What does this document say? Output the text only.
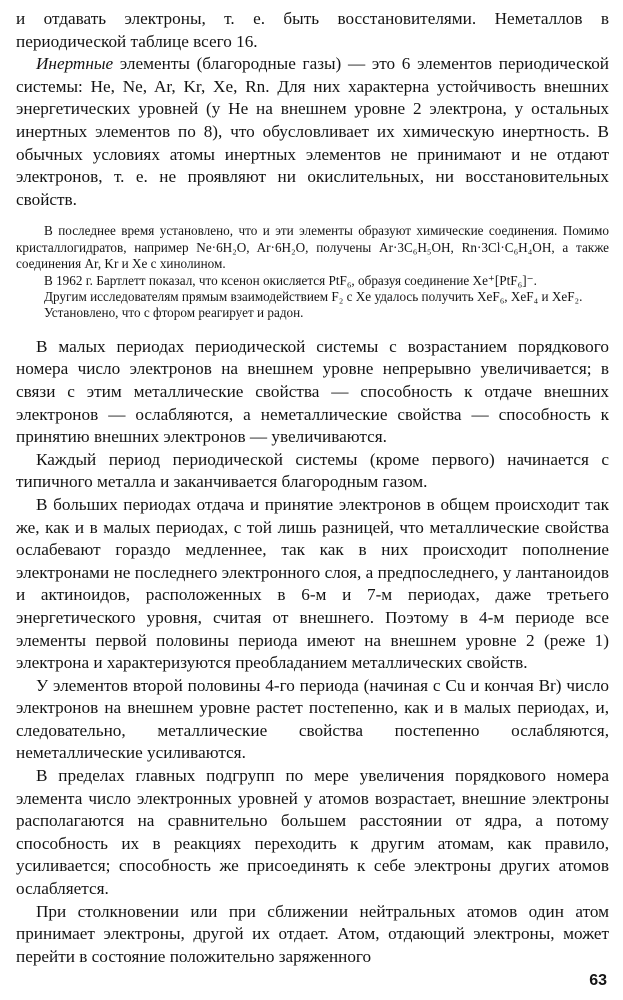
и отдавать электроны, т. е. быть восстановителями. Неметаллов в периодической таблице всего 16.

Инертные элементы (благородные газы) — это 6 элементов периодической системы: He, Ne, Ar, Kr, Xe, Rn. Для них характерна устойчивость внешних энергетических уровней (у He на внешнем уровне 2 электрона, у остальных инертных элементов по 8), что обусловливает их химическую инертность. В обычных условиях атомы инертных элементов не принимают и не отдают электронов, т. е. не проявляют ни окислительных, ни восстановительных свойств.

В последнее время установлено, что и эти элементы образуют химические соединения. Помимо кристаллогидратов, например Ne·6H₂O, Ar·6H₂O, получены Ar·3C₆H₅OH, Rn·3Cl·C₆H₄OH, а также соединения Ar, Kr и Xe с хинолином.

В 1962 г. Бартлетт показал, что ксенон окисляется PtF₆, образуя соединение Xe⁺[PtF₆]⁻.

Другим исследователям прямым взаимодействием F₂ с Xe удалось получить XeF₆, XeF₄ и XeF₂.

Установлено, что с фтором реагирует и радон.

В малых периодах периодической системы с возрастанием порядкового номера число электронов на внешнем уровне непрерывно увеличивается; в связи с этим металлические свойства — способность к отдаче внешних электронов — ослабляются, а неметаллические свойства — способность к принятию внешних электронов — увеличиваются.

Каждый период периодической системы (кроме первого) начинается с типичного металла и заканчивается благородным газом.

В больших периодах отдача и принятие электронов в общем происходит так же, как и в малых периодах, с той лишь разницей, что металлические свойства ослабевают гораздо медленнее, так как в них происходит пополнение электронами не последнего электронного слоя, а предпоследнего, у лантаноидов и актиноидов, расположенных в 6-м и 7-м периодах, даже третьего энергетического уровня, считая от внешнего. Поэтому в 4-м периоде все элементы первой половины периода имеют на внешнем уровне 2 (реже 1) электрона и характеризуются преобладанием металлических свойств.

У элементов второй половины 4-го периода (начиная с Cu и кончая Br) число электронов на внешнем уровне растет постепенно, как и в малых периодах, и, следовательно, металлические свойства постепенно ослабляются, неметаллические усиливаются.

В пределах главных подгрупп по мере увеличения порядкового номера элемента число электронных уровней у атомов возрастает, внешние электроны располагаются на сравнительно большем расстоянии от ядра, а потому способность их в реакциях переходить к другим атомам, как правило, усиливается; способность же присоединять к себе электроны других атомов ослабляется.

При столкновении или при сближении нейтральных атомов один атом принимает электроны, другой их отдает. Атом, отдающий электроны, может перейти в состояние положительно заряженного

63
